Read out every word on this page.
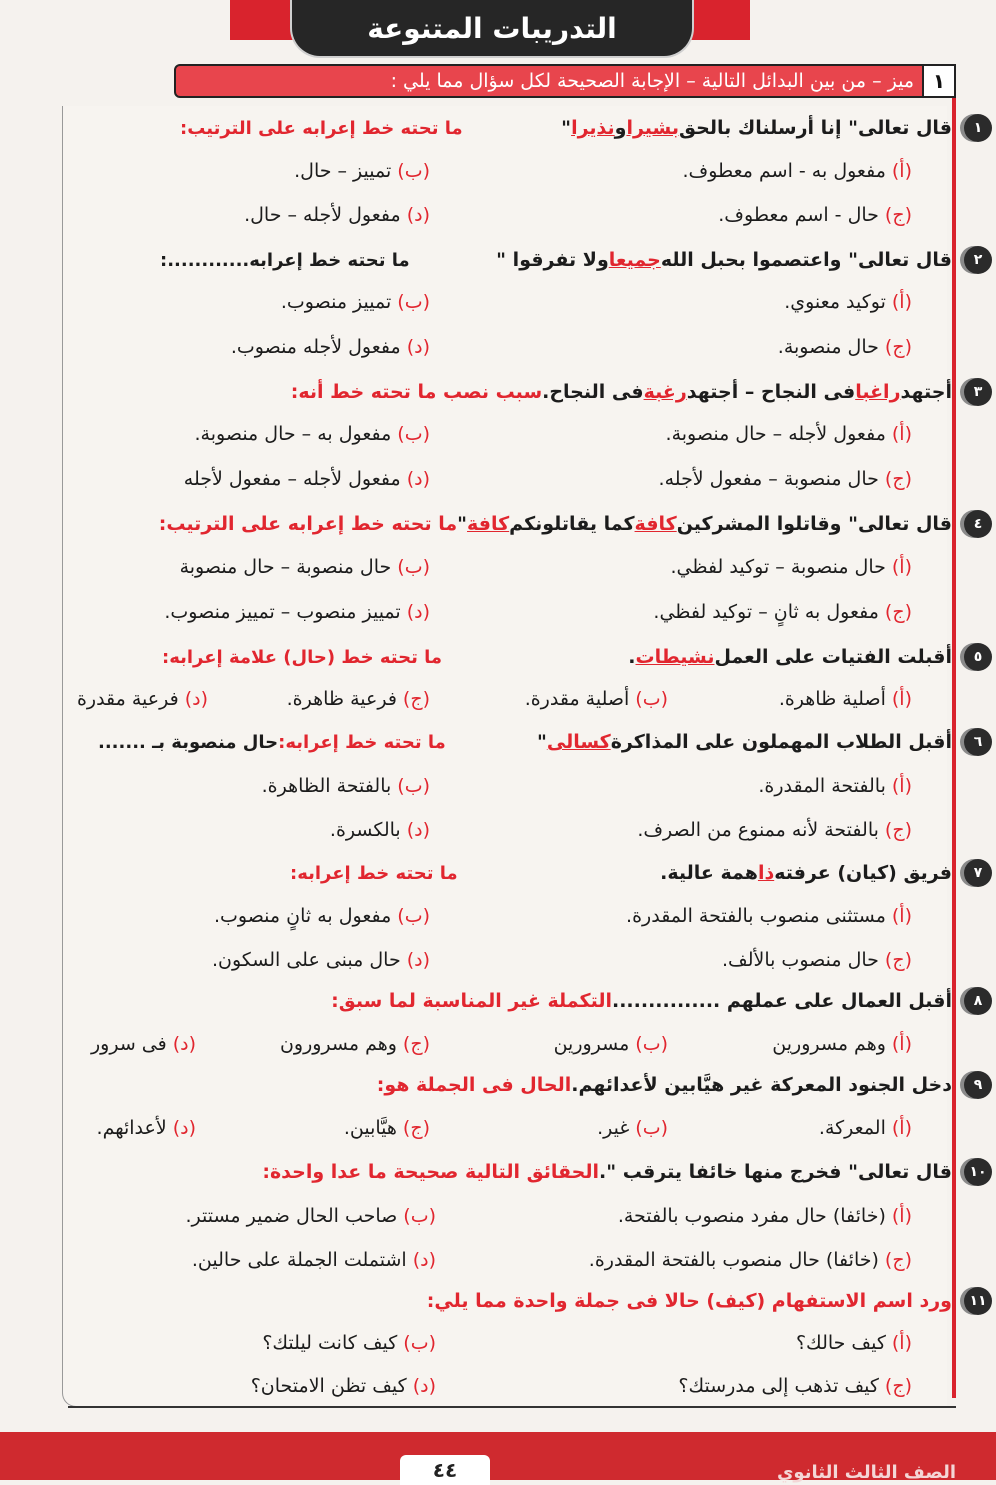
التدريبات المتنوعة
١
ميز – من بين البدائل التالية – الإجابة الصحيحة لكل سؤال مما يلي :
١
قال تعالى" إنا أرسلناك بالحق
بشيرا
و
نذيرا
"
ما تحته خط إعرابه على الترتيب:
(أ)
مفعول به - اسم معطوف.
(ب)
تمييز – حال.
(ج)
حال - اسم معطوف.
(د)
مفعول لأجله – حال.
٢
قال تعالى" واعتصموا بحبل الله
جميعا
ولا تفرقوا "
ما تحته خط إعرابه............:
(أ)
توكيد معنوي.
(ب)
تمييز منصوب.
(ج)
حال منصوبة.
(د)
مفعول لأجله منصوب.
٣
أجتهد
راغبا
فى النجاح – أجتهد
رغبة
فى النجاح.
سبب نصب ما تحته خط أنه:
(أ)
مفعول لأجله – حال منصوبة.
(ب)
مفعول به – حال منصوبة.
(ج)
حال منصوبة – مفعول لأجله.
(د)
مفعول لأجله – مفعول لأجله
٤
قال تعالى" وقاتلوا المشركين
كافة
كما يقاتلونكم
كافة
"
ما تحته خط إعرابه على الترتيب:
(أ)
حال منصوبة – توكيد لفظي.
(ب)
حال منصوبة – حال منصوبة
(ج)
مفعول به ثانٍ – توكيد لفظي.
(د)
تمييز منصوب – تمييز منصوب.
٥
أقبلت الفتيات على العمل
نشيطات
.
ما تحته خط (حال) علامة إعرابه:
(أ)
أصلية ظاهرة.
(ب)
أصلية مقدرة.
(ج)
فرعية ظاهرة.
(د)
فرعية مقدرة
٦
أقبل الطلاب المهملون على المذاكرة
كسالى
"
ما تحته خط إعرابه:
حال منصوبة بـ .......
(أ)
بالفتحة المقدرة.
(ب)
بالفتحة الظاهرة.
(ج)
بالفتحة لأنه ممنوع من الصرف.
(د)
بالكسرة.
٧
فريق (كيان) عرفته
ذا
همة عالية.
ما تحته خط إعرابه:
(أ)
مستثنى منصوب بالفتحة المقدرة.
(ب)
مفعول به ثانٍ منصوب.
(ج)
حال منصوب بالألف.
(د)
حال مبنى على السكون.
٨
أقبل العمال على عملهم ...............
التكملة غير المناسبة لما سبق:
(أ)
وهم مسرورين
(ب)
مسرورين
(ج)
وهم مسرورون
(د)
فى سرور
٩
دخل الجنود المعركة غير هيَّابين لأعدائهم.
الحال فى الجملة هو:
(أ)
المعركة.
(ب)
غير.
(ج)
هيَّابين.
(د)
لأعدائهم.
١٠
قال تعالى" فخرج منها خائفا يترقب ".
الحقائق التالية صحيحة ما عدا واحدة:
(أ)
(خائفا) حال مفرد منصوب بالفتحة.
(ب)
صاحب الحال ضمير مستتر.
(ج)
(خائفا) حال منصوب بالفتحة المقدرة.
(د)
اشتملت الجملة على حالين.
١١
ورد اسم الاستفهام (كيف) حالا فى جملة واحدة مما يلي:
(أ)
كيف حالك؟
(ب)
كيف كانت ليلتك؟
(ج)
كيف تذهب إلى مدرستك؟
(د)
كيف تظن الامتحان؟
٤٤	الصف الثالث الثانوي
